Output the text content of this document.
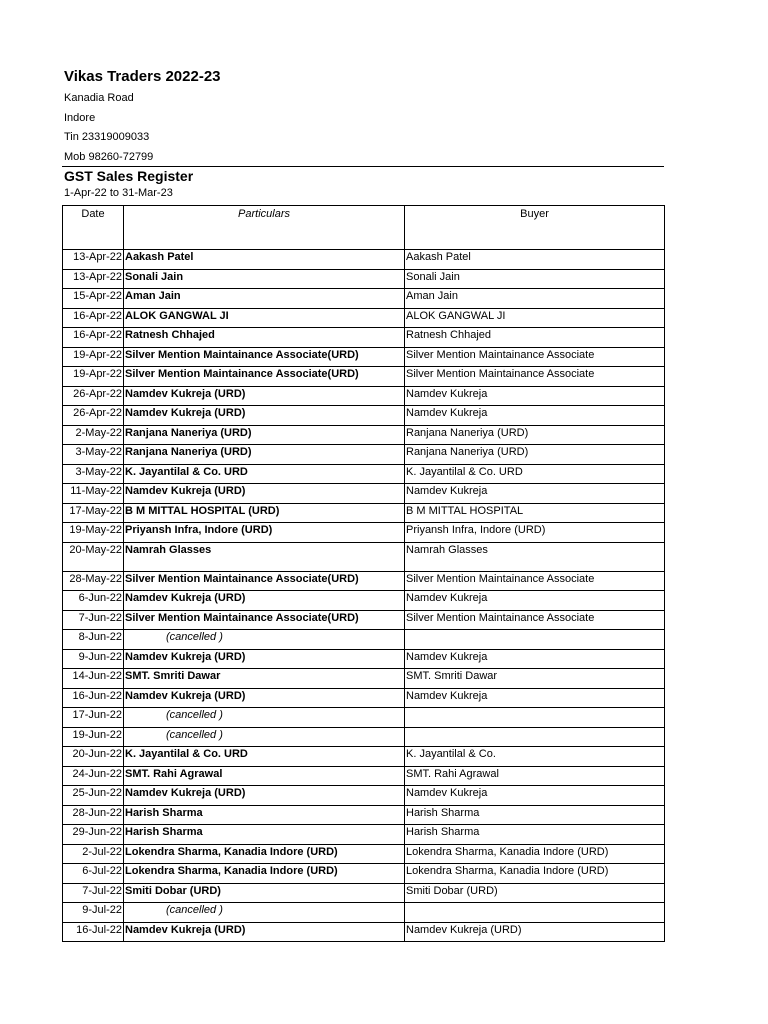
Vikas Traders 2022-23
Kanadia Road
Indore
Tin 23319009033
Mob 98260-72799
GST Sales Register
1-Apr-22 to 31-Mar-23
Date	Particulars	Buyer
13-Apr-22	Aakash Patel	Aakash Patel
13-Apr-22	Sonali Jain	Sonali Jain
15-Apr-22	Aman Jain	Aman Jain
16-Apr-22	ALOK GANGWAL JI	ALOK GANGWAL JI
16-Apr-22	Ratnesh Chhajed	Ratnesh Chhajed
19-Apr-22	Silver Mention Maintainance Associate(URD)	Silver Mention Maintainance Associate
19-Apr-22	Silver Mention Maintainance Associate(URD)	Silver Mention Maintainance Associate
26-Apr-22	Namdev Kukreja (URD)	Namdev Kukreja
26-Apr-22	Namdev Kukreja (URD)	Namdev Kukreja
2-May-22	Ranjana Naneriya (URD)	Ranjana Naneriya (URD)
3-May-22	Ranjana Naneriya (URD)	Ranjana Naneriya (URD)
3-May-22	K. Jayantilal & Co. URD	K. Jayantilal & Co. URD
11-May-22	Namdev Kukreja (URD)	Namdev Kukreja
17-May-22	B M MITTAL HOSPITAL (URD)	B M MITTAL HOSPITAL
19-May-22	Priyansh Infra, Indore (URD)	Priyansh Infra, Indore (URD)
20-May-22	Namrah Glasses	Namrah Glasses
28-May-22	Silver Mention Maintainance Associate(URD)	Silver Mention Maintainance Associate
6-Jun-22	Namdev Kukreja (URD)	Namdev Kukreja
7-Jun-22	Silver Mention Maintainance Associate(URD)	Silver Mention Maintainance Associate
8-Jun-22	(cancelled )	
9-Jun-22	Namdev Kukreja (URD)	Namdev Kukreja
14-Jun-22	SMT. Smriti Dawar	SMT. Smriti Dawar
16-Jun-22	Namdev Kukreja (URD)	Namdev Kukreja
17-Jun-22	(cancelled )	
19-Jun-22	(cancelled )	
20-Jun-22	K. Jayantilal & Co. URD	K. Jayantilal & Co.
24-Jun-22	SMT. Rahi Agrawal	SMT. Rahi Agrawal
25-Jun-22	Namdev Kukreja (URD)	Namdev Kukreja
28-Jun-22	Harish Sharma	Harish Sharma
29-Jun-22	Harish Sharma	Harish Sharma
2-Jul-22	Lokendra Sharma, Kanadia Indore (URD)	Lokendra Sharma, Kanadia Indore (URD)
6-Jul-22	Lokendra Sharma, Kanadia Indore (URD)	Lokendra Sharma, Kanadia Indore (URD)
7-Jul-22	Smiti Dobar (URD)	Smiti Dobar (URD)
9-Jul-22	(cancelled )	
16-Jul-22	Namdev Kukreja (URD)	Namdev Kukreja (URD)
